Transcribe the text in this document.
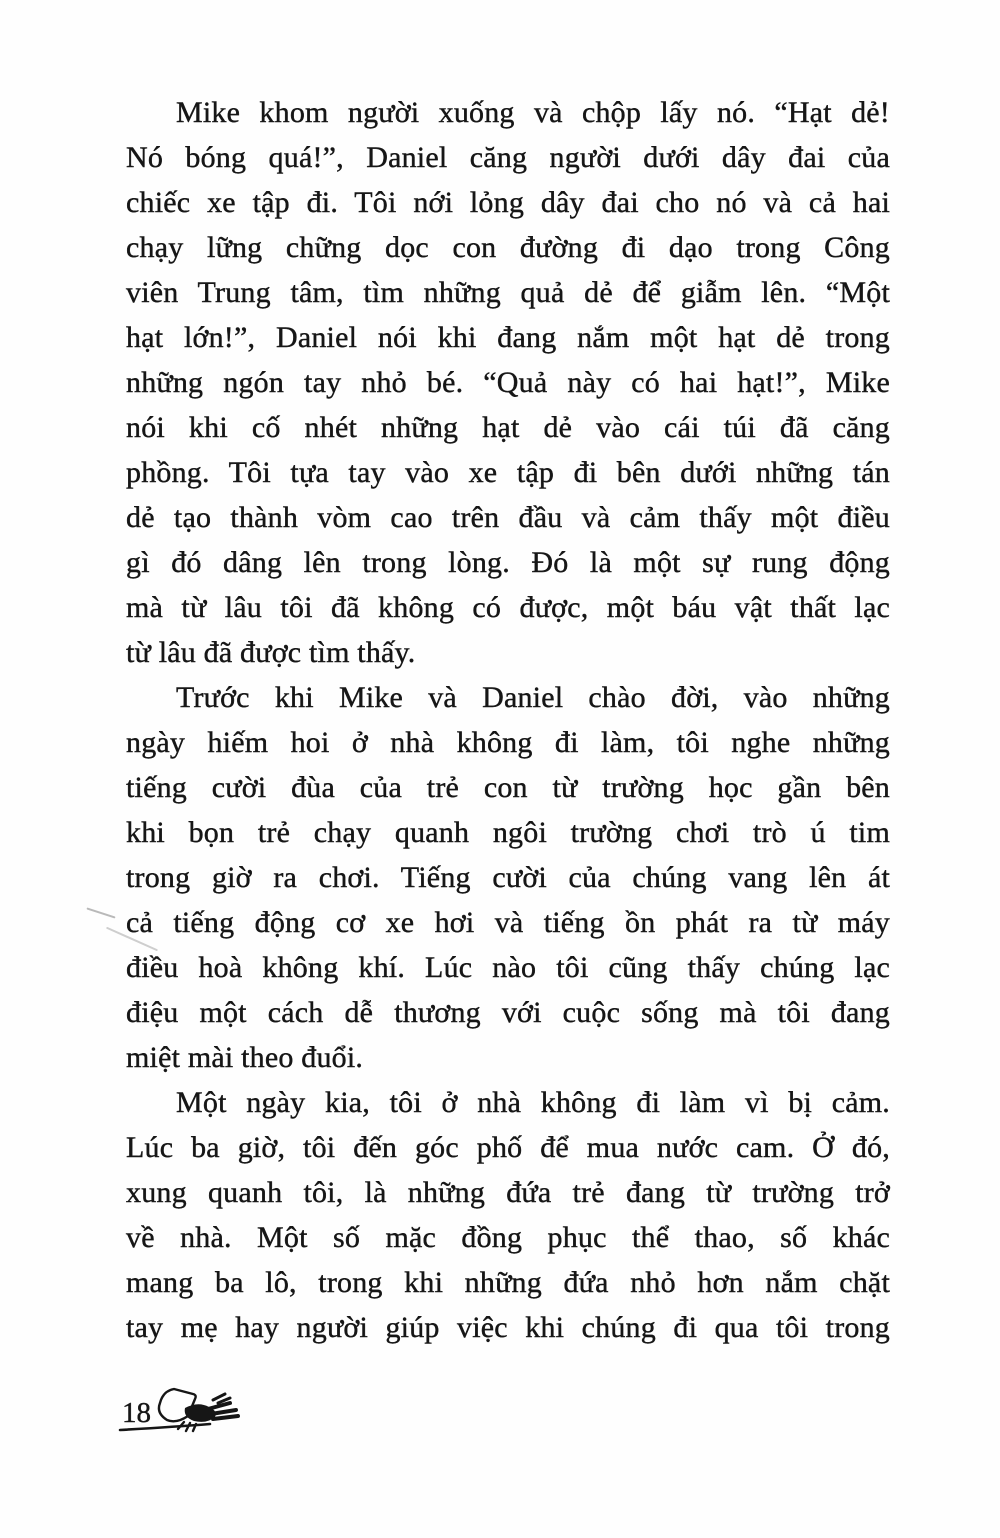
Mike khom người xuống và chộp lấy nó. “Hạt dẻ!
Nó bóng quá!”, Daniel căng người dưới dây đai của
chiếc xe tập đi. Tôi nới lỏng dây đai cho nó và cả hai
chạy lững chững dọc con đường đi dạo trong Công
viên Trung tâm, tìm những quả dẻ để giẫm lên. “Một
hạt lớn!”, Daniel nói khi đang nắm một hạt dẻ trong
những ngón tay nhỏ bé. “Quả này có hai hạt!”, Mike
nói khi cố nhét những hạt dẻ vào cái túi đã căng
phồng. Tôi tựa tay vào xe tập đi bên dưới những tán
dẻ tạo thành vòm cao trên đầu và cảm thấy một điều
gì đó dâng lên trong lòng. Đó là một sự rung động
mà từ lâu tôi đã không có được, một báu vật thất lạc
từ lâu đã được tìm thấy.
Trước khi Mike và Daniel chào đời, vào những
ngày hiếm hoi ở nhà không đi làm, tôi nghe những
tiếng cười đùa của trẻ con từ trường học gần bên
khi bọn trẻ chạy quanh ngôi trường chơi trò ú tim
trong giờ ra chơi. Tiếng cười của chúng vang lên át
cả tiếng động cơ xe hơi và tiếng ồn phát ra từ máy
điều hoà không khí. Lúc nào tôi cũng thấy chúng lạc
điệu một cách dễ thương với cuộc sống mà tôi đang
miệt mài theo đuổi.
Một ngày kia, tôi ở nhà không đi làm vì bị cảm.
Lúc ba giờ, tôi đến góc phố để mua nước cam. Ở đó,
xung quanh tôi, là những đứa trẻ đang từ trường trở
về nhà. Một số mặc đồng phục thể thao, số khác
mang ba lô, trong khi những đứa nhỏ hơn nắm chặt
tay mẹ hay người giúp việc khi chúng đi qua tôi trong
18
